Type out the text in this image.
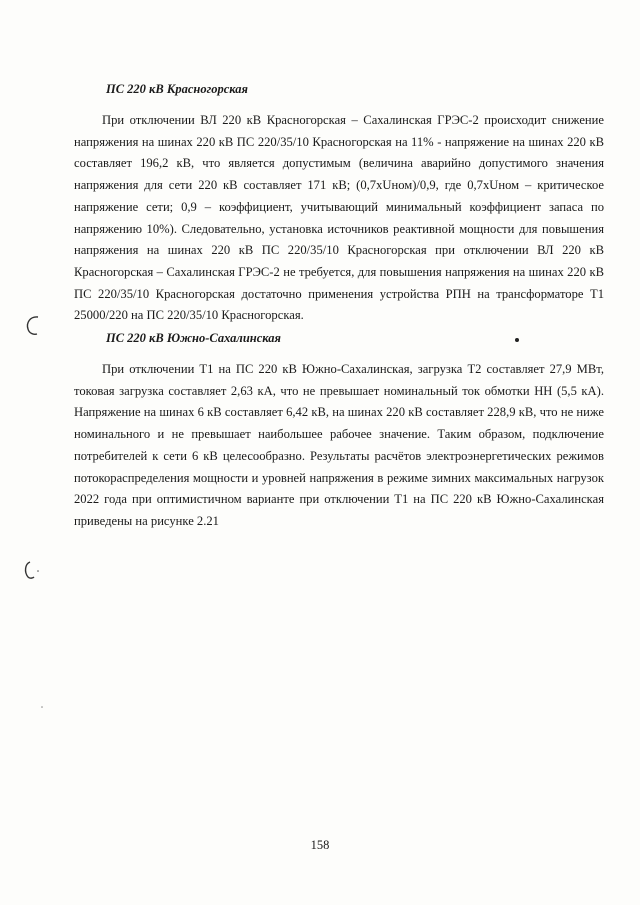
ПС 220 кВ Красногорская
При отключении ВЛ 220 кВ Красногорская – Сахалинская ГРЭС-2 происходит снижение
напряжения на шинах 220 кВ ПС 220/35/10 Красногорская на 11% - напряжение на шинах 220 кВ
составляет 196,2 кВ, что является допустимым (величина аварийно допустимого значения
напряжения для сети 220 кВ составляет 171 кВ; (0,7хUном)/0,9, где 0,7хUном – критическое
напряжение сети; 0,9 – коэффициент, учитывающий минимальный коэффициент запаса по
напряжению 10%). Следовательно, установка источников реактивной мощности для повышения
напряжения на шинах 220 кВ ПС 220/35/10 Красногорская при отключении ВЛ 220 кВ
Красногорская – Сахалинская ГРЭС-2 не требуется, для повышения напряжения на шинах 220 кВ
ПС 220/35/10 Красногорская достаточно применения устройства РПН на трансформаторе Т1
25000/220 на ПС 220/35/10 Красногорская.
ПС 220 кВ Южно-Сахалинская
При отключении Т1 на ПС 220 кВ Южно-Сахалинская, загрузка Т2 составляет 27,9 МВт,
токовая загрузка составляет 2,63 кА, что не превышает номинальный ток обмотки НН (5,5 кА).
Напряжение на шинах 6 кВ составляет 6,42 кВ, на шинах 220 кВ составляет 228,9 кВ, что не ниже
номинального и не превышает наибольшее рабочее значение. Таким образом, подключение
потребителей к сети 6 кВ целесообразно. Результаты расчётов электроэнергетических режимов
потокораспределения мощности и уровней напряжения в режиме зимних максимальных нагрузок
2022 года при оптимистичном варианте при отключении Т1 на ПС 220 кВ Южно-Сахалинская
приведены на рисунке 2.21
158
